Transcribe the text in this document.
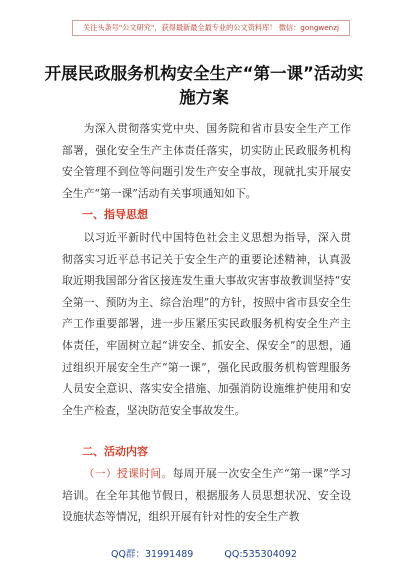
关注头条号"公文研究"，获得最新最全最专业的公文资料库！ 微信：gongwenzj
开展民政服务机构安全生产“第一课”活动实施方案

为深入贯彻落实党中央、国务院和省市县安全生产工作部署，强化安全生产主体责任落实，切实防止民政服务机构安全管理不到位等问题引发生产安全事故，现就扎实开展安全生产“第一课”活动有关事项通知如下。

一、指导思想

以习近平新时代中国特色社会主义思想为指导，深入贯彻落实习近平总书记关于安全生产的重要论述精神，认真汲取近期我国部分省区接连发生重大事故灾害事故教训坚持“安全第一、预防为主、综合治理”的方针，按照中省市县安全生产工作重要部署，进一步压紧压实民政服务机构安全生产主体责任，牢固树立起“讲安全、抓安全、保安全”的思想，通过组织开展安全生产“第一课”，强化民政服务机构管理服务人员安全意识、落实安全措施、加强消防设施维护使用和安全生产检查，坚决防范安全事故发生。

二、活动内容

（一）授课时间。每周开展一次安全生产“第一课”学习培训。在全年其他节假日，根据服务人员思想状况、安全设设施状态等情况，组织开展有针对性的安全生产教

QQ群：31991489	QQ:535304092
